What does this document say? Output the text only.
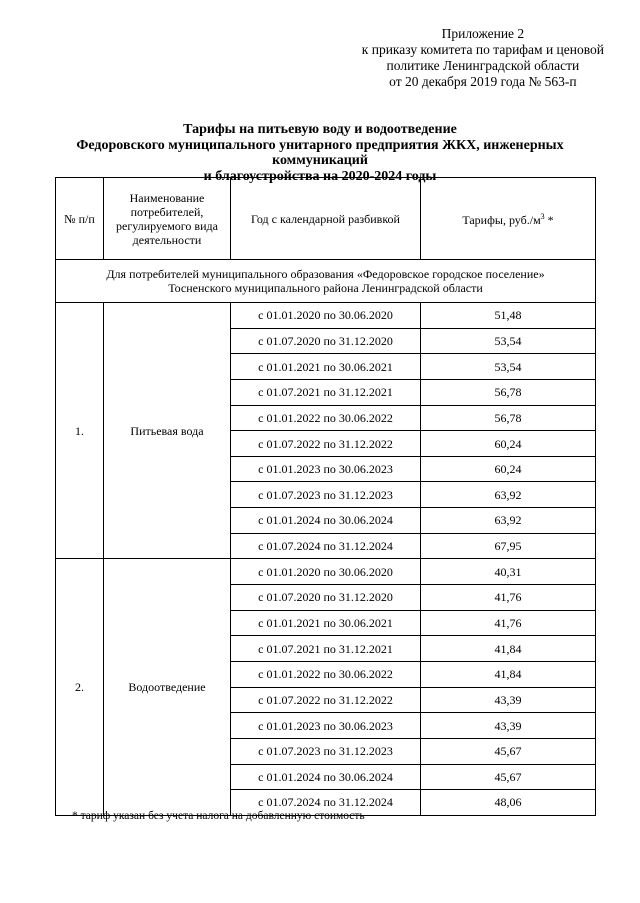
Приложение 2
к приказу комитета по тарифам и ценовой
политике Ленинградской области
от 20 декабря 2019 года № 563-п
Тарифы на питьевую воду и водоотведение
Федоровского муниципального унитарного предприятия ЖКХ, инженерных коммуникаций
и благоустройства на 2020-2024 годы
№ п/п	Наименование потребителей, регулируемого вида деятельности	Год с календарной разбивкой	Тарифы, $руб./м^3$ *

Для потребителей муниципального образования «Федоровское городское поселение»
Тосненского муниципального района Ленинградской области			

1.	Питьевая вода	с 01.01.2020 по 30.06.2020	51,48
		с 01.07.2020 по 31.12.2020	53,54
		с 01.01.2021 по 30.06.2021	53,54
		с 01.07.2021 по 31.12.2021	56,78
		с 01.01.2022 по 30.06.2022	56,78
		с 01.07.2022 по 31.12.2022	60,24
		с 01.01.2023 по 30.06.2023	60,24
		с 01.07.2023 по 31.12.2023	63,92
		с 01.01.2024 по 30.06.2024	63,92
		с 01.07.2024 по 31.12.2024	67,95
2.	Водоотведение	с 01.01.2020 по 30.06.2020	40,31
		с 01.07.2020 по 31.12.2020	41,76
		с 01.01.2021 по 30.06.2021	41,76
		с 01.07.2021 по 31.12.2021	41,84
		с 01.01.2022 по 30.06.2022	41,84
		с 01.07.2022 по 31.12.2022	43,39
		с 01.01.2023 по 30.06.2023	43,39
		с 01.07.2023 по 31.12.2023	45,67
		с 01.01.2024 по 30.06.2024	45,67
		с 01.07.2024 по 31.12.2024	48,06
* тариф указан без учета налога на добавленную стоимость
